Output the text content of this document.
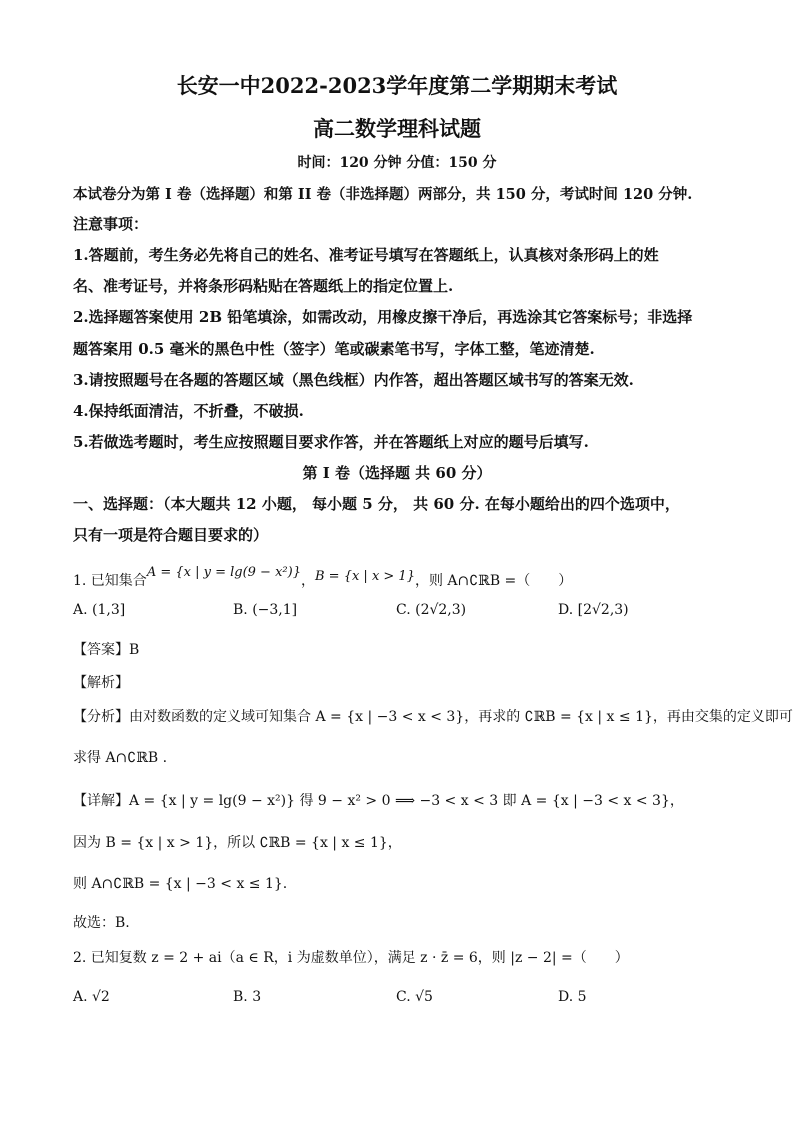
长安一中2022-2023学年度第二学期期末考试
高二数学理科试题
时间：120 分钟 分值：150 分
本试卷分为第 I 卷（选择题）和第 II 卷（非选择题）两部分，共 150 分，考试时间 120 分钟.
注意事项：
1.答题前，考生务必先将自己的姓名、准考证号填写在答题纸上，认真核对条形码上的姓
名、准考证号，并将条形码粘贴在答题纸上的指定位置上.
2.选择题答案使用 2B 铅笔填涂，如需改动，用橡皮擦干净后，再选涂其它答案标号；非选择
题答案用 0.5 毫米的黑色中性（签字）笔或碳素笔书写，字体工整，笔迹清楚.
3.请按照题号在各题的答题区域（黑色线框）内作答，超出答题区域书写的答案无效.
4.保持纸面清洁，不折叠，不破损.
5.若做选考题时，考生应按照题目要求作答，并在答题纸上对应的题号后填写.
第 I 卷（选择题 共 60 分）
一、选择题：（本大题共 12 小题， 每小题 5 分， 共 60 分. 在每小题给出的四个选项中，
只有一项是符合题目要求的）
1. 已知集合A = {x | y = lg(9 − x²)}，B = {x | x > 1}，则 A∩∁ℝB =（　　）
A. (1,3]	B. (−3,1]	C. (2√2,3)	D. [2√2,3)
【答案】B
【解析】
【分析】由对数函数的定义域可知集合 A = {x | −3 < x < 3}，再求的 ∁ℝB = {x | x ≤ 1}，再由交集的定义即可
求得 A∩∁ℝB .
【详解】A = {x | y = lg(9 − x²)} 得 9 − x² > 0 ⟹ −3 < x < 3 即 A = {x | −3 < x < 3}，
因为 B = {x | x > 1}，所以 ∁ℝB = {x | x ≤ 1}，
则 A∩∁ℝB = {x | −3 < x ≤ 1}.
故选：B.
2. 已知复数 z = 2 + ai（a ∈ R，i 为虚数单位），满足 z · z̄ = 6，则 |z − 2| =（　　）
A. √2	B. 3	C. √5	D. 5
